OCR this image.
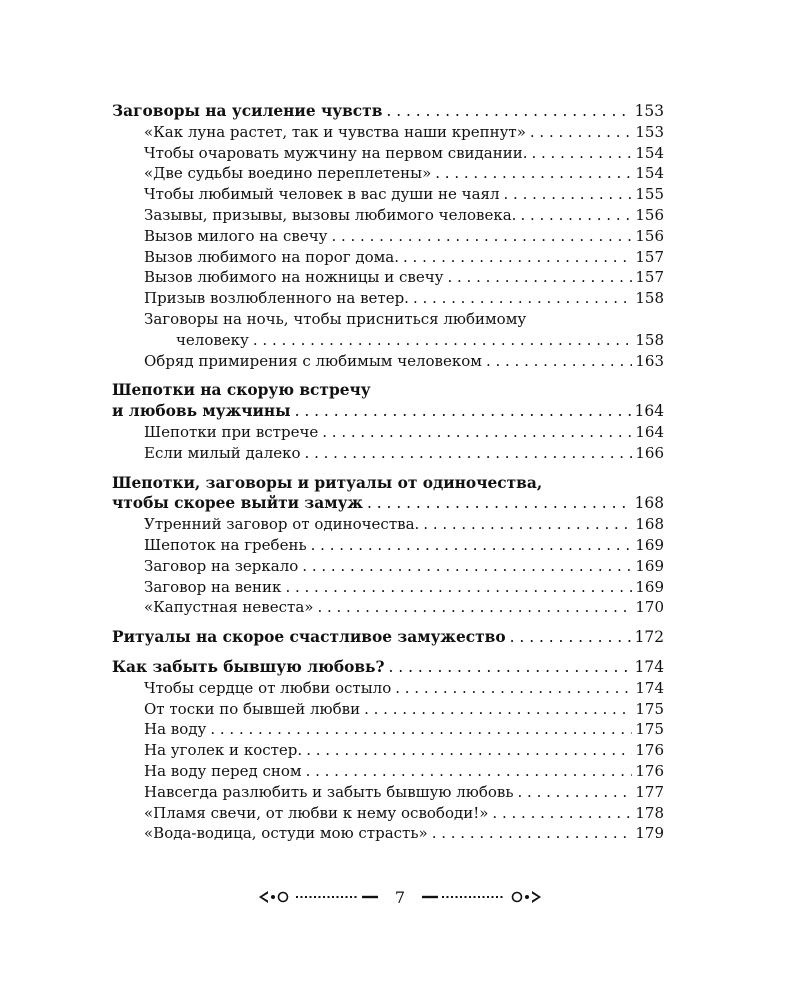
Заговоры на усиление чувств . . .	153
«Как луна растет, так и чувства наши крепнут» . . .	153
Чтобы очаровать мужчину на первом свидании. . . .	154
«Две судьбы воедино переплетены» . . .	154
Чтобы любимый человек в вас души не чаял . . .	155
Зазывы, призывы, вызовы любимого человека. . . .	156
Вызов милого на свечу . . .	156
Вызов любимого на порог дома. . . .	157
Вызов любимого на ножницы и свечу . . .	157
Призыв возлюбленного на ветер. . . .	158
Заговоры на ночь, чтобы присниться любимому
человеку . . .	158
Обряд примирения с любимым человеком . . .	163
Шепотки на скорую встречу
и любовь мужчины . . .	164
Шепотки при встрече . . .	164
Если милый далеко . . .	166
Шепотки, заговоры и ритуалы от одиночества,
чтобы скорее выйти замуж . . .	168
Утренний заговор от одиночества. . . .	168
Шепоток на гребень . . .	169
Заговор на зеркало . . .	169
Заговор на веник . . .	169
«Капустная невеста» . . .	170
Ритуалы на скорое счастливое замужество . . .	172
Как забыть бывшую любовь? . . .	174
Чтобы сердце от любви остыло . . .	174
От тоски по бывшей любви . . .	175
На воду . . .	175
На уголек и костер. . . .	176
На воду перед сном . . .	176
Навсегда разлюбить и забыть бывшую любовь . . .	177
«Пламя свечи, от любви к нему освободи!» . . .	178
«Вода-водица, остуди мою страсть» . . .	179
7
